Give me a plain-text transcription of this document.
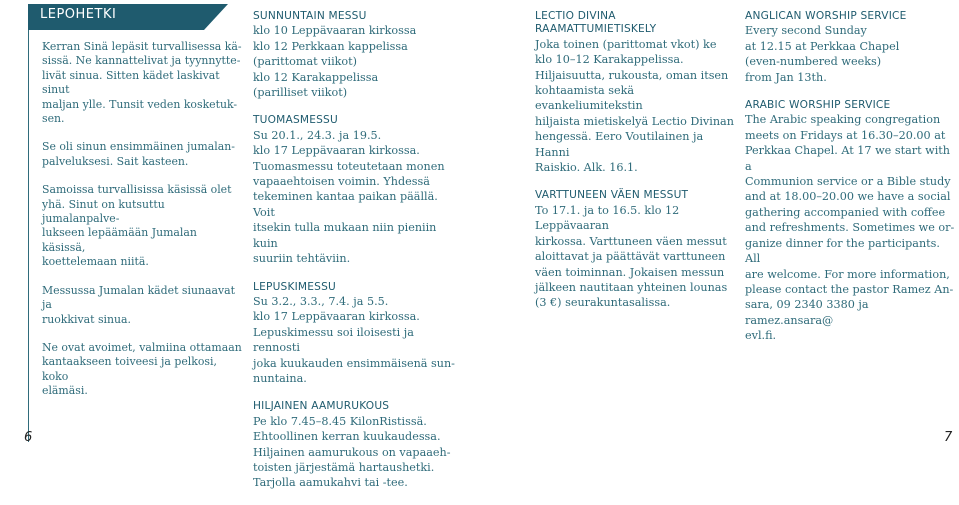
LEPOHETKI

Kerran Sinä lepäsit turvallisessa kä-
sissä. Ne kannattelivat ja tyynnytte-
livät sinua. Sitten kädet laskivat sinut
maljan ylle. Tunsit veden kosketuk-
sen.

Se oli sinun ensimmäinen jumalan-
palveluksesi. Sait kasteen.

Samoissa turvallisissa käsissä olet
yhä. Sinut on kutsuttu jumalanpalve-
lukseen lepäämään Jumalan käsissä,
koettelemaan niitä.

Messussa Jumalan kädet siunaavat ja
ruokkivat sinua.

Ne ovat avoimet, valmiina ottamaan
kantaakseen toiveesi ja pelkosi, koko
elämäsi.

SUNNUNTAIN MESSU
klo 10 Leppävaaran kirkossa
klo 12 Perkkaan kappelissa
(parittomat viikot)
klo 12 Karakappelissa
(parilliset viikot)
TUOMASMESSU
Su 20.1., 24.3. ja 19.5.
klo 17 Leppävaaran kirkossa.
Tuomasmessu toteutetaan monen
vapaaehtoisen voimin. Yhdessä
tekeminen kantaa paikan päällä. Voit
itsekin tulla mukaan niin pieniin kuin
suuriin tehtäviin.
LEPUSKIMESSU
Su 3.2., 3.3., 7.4. ja 5.5.
klo 17 Leppävaaran kirkossa.
Lepuskimessu soi iloisesti ja rennosti
joka kuukauden ensimmäisenä sun-
nuntaina.
HILJAINEN AAMURUKOUS
Pe klo 7.45–8.45 KilonRistissä.
Ehtoollinen kerran kuukaudessa.
Hiljainen aamurukous on vapaaeh-
toisten järjestämä hartaushetki.
Tarjolla aamukahvi tai -tee.
LECTIO DIVINA
RAAMATTUMIETISKELY
Joka toinen (parittomat vkot) ke
klo 10–12 Karakappelissa.
Hiljaisuutta, rukousta, oman itsen
kohtaamista sekä evankeliumitekstin
hiljaista mietiskelyä Lectio Divinan
hengessä. Eero Voutilainen ja Hanni
Raiskio. Alk. 16.1.
VARTTUNEEN VÄEN MESSUT
To 17.1. ja to 16.5. klo 12 Leppävaaran
kirkossa. Varttuneen väen messut
aloittavat ja päättävät varttuneen
väen toiminnan. Jokaisen messun
jälkeen nautitaan yhteinen lounas
(3 €) seurakuntasalissa.
ANGLICAN WORSHIP SERVICE
Every second Sunday
at 12.15 at Perkkaa Chapel
(even-numbered weeks)
from Jan 13th.
ARABIC WORSHIP SERVICE
The Arabic speaking congregation
meets on Fridays at 16.30–20.00 at
Perkkaa Chapel. At 17 we start with a
Communion service or a Bible study
and at 18.00–20.00 we have a social
gathering accompanied with coffee
and refreshments. Sometimes we or-
ganize dinner for the participants. All
are welcome. For more information,
please contact the pastor Ramez An-
sara, 09 2340 3380 ja ramez.ansara@
evl.fi.
6	7
